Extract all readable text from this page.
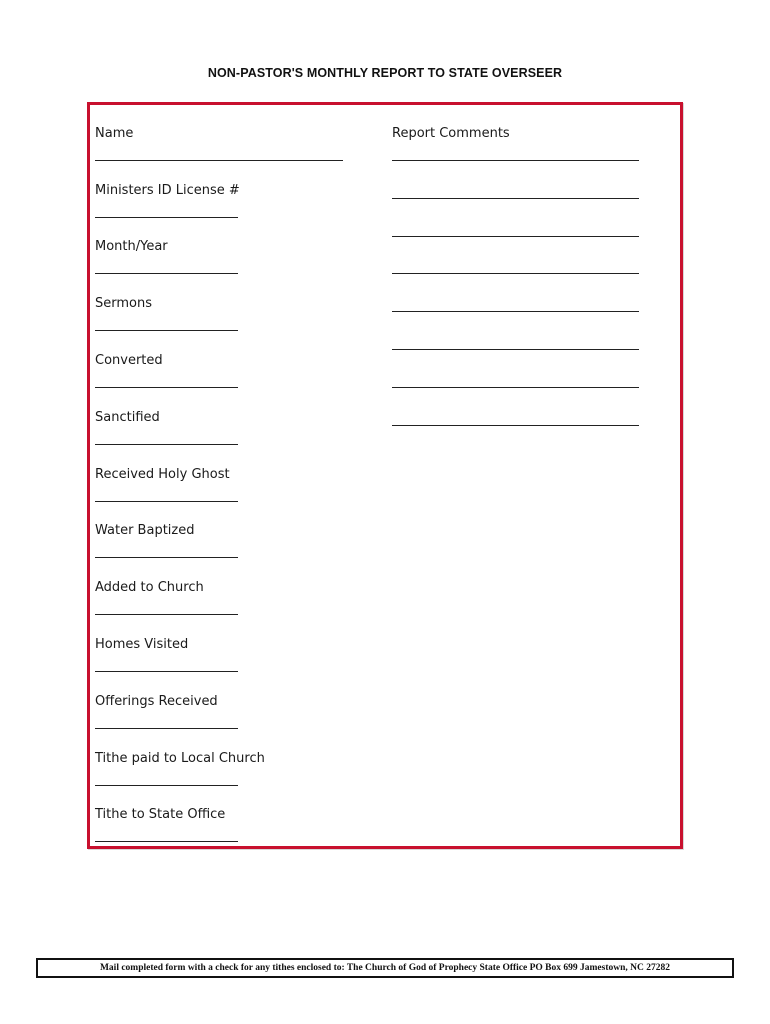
NON-PASTOR'S MONTHLY REPORT TO STATE OVERSEER
Name
Ministers ID License #
Month/Year
Sermons
Converted
Sanctified
Received Holy Ghost
Water Baptized
Added to Church
Homes Visited
Offerings Received
Tithe paid to Local Church
Tithe to State Office
Report Comments
Mail completed form with a check for any tithes enclosed to: The Church of God of Prophecy State Office PO Box 699 Jamestown, NC 27282
